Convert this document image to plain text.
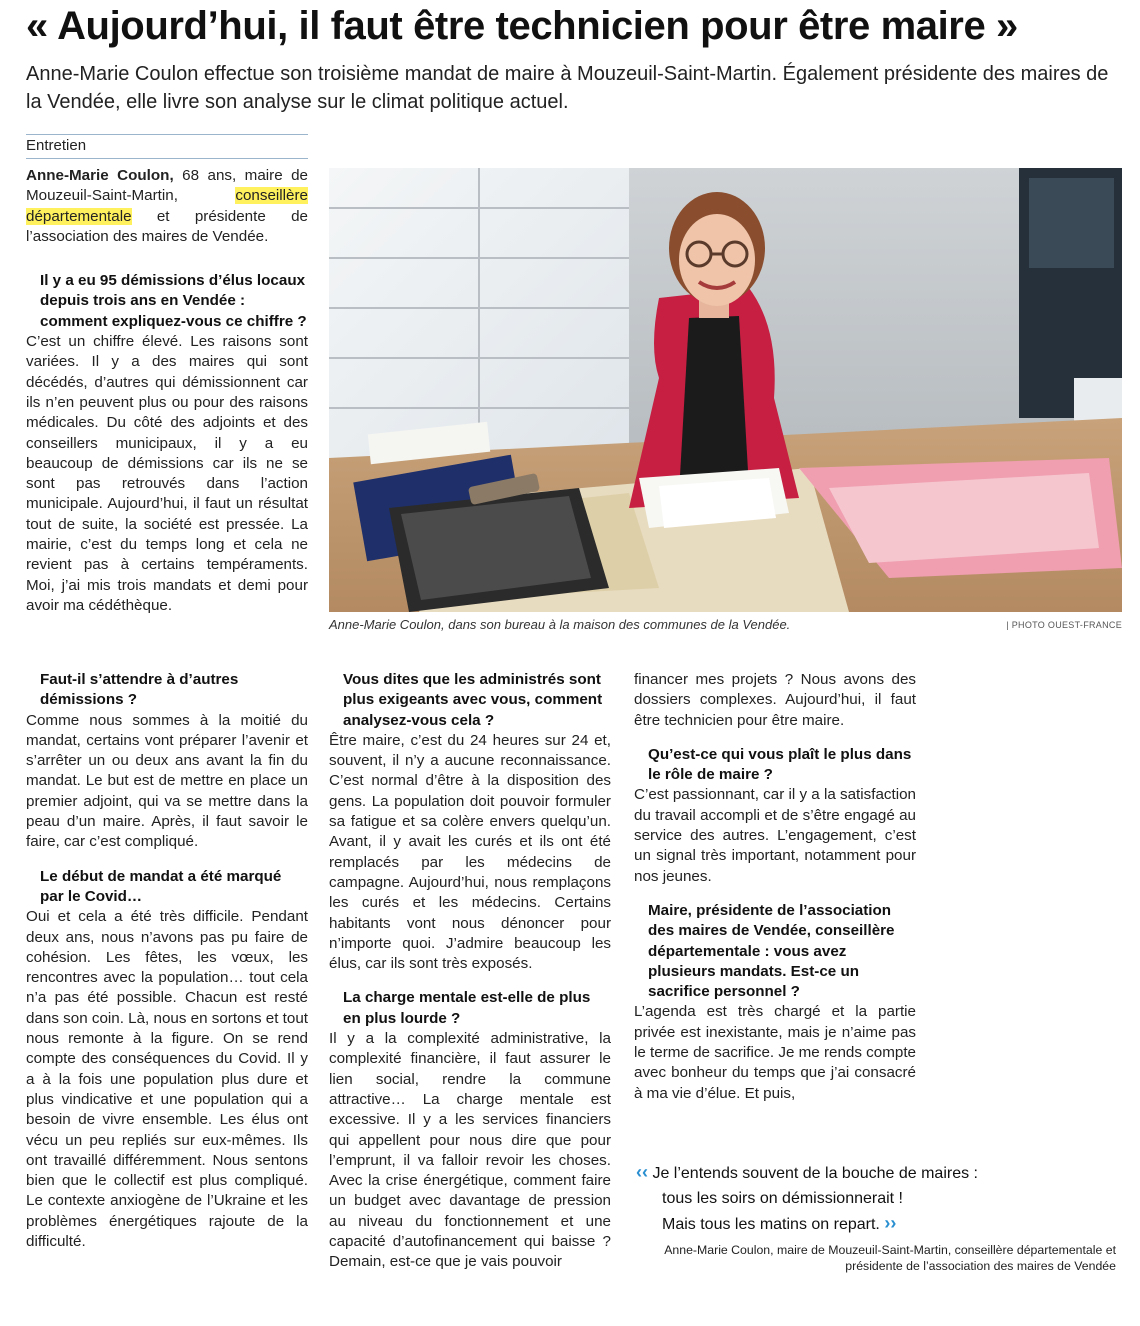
« Aujourd’hui, il faut être technicien pour être maire »

Anne-Marie Coulon effectue son troisième mandat de maire à Mouzeuil-Saint-Martin. Également présidente des maires de la Vendée, elle livre son analyse sur le climat politique actuel.

Entretien

Anne-Marie Coulon, 68 ans, maire de Mouzeuil-Saint-Martin, conseillère départementale et présidente de l’association des maires de Vendée.

Il y a eu 95 démissions d’élus locaux depuis trois ans en Vendée : comment expliquez-vous ce chiffre ?

C’est un chiffre élevé. Les raisons sont variées. Il y a des maires qui sont décédés, d’autres qui démissionnent car ils n’en peuvent plus ou pour des raisons médicales. Du côté des adjoints et des conseillers municipaux, il y a eu beaucoup de démissions car ils ne se sont pas retrouvés dans l’action municipale. Aujourd’hui, il faut un résultat tout de suite, la société est pressée. La mairie, c’est du temps long et cela ne revient pas à certains tempéraments. Moi, j’ai mis trois mandats et demi pour avoir ma cédéthèque.

Anne-Marie Coulon, dans son bureau à la maison des communes de la Vendée.	| PHOTO OUEST-FRANCE

Faut-il s’attendre à d’autres démissions ?

Comme nous sommes à la moitié du mandat, certains vont préparer l’avenir et s’arrêter un ou deux ans avant la fin du mandat. Le but est de mettre en place un premier adjoint, qui va se mettre dans la peau d’un maire. Après, il faut savoir le faire, car c’est compliqué.

Le début de mandat a été marqué par le Covid…

Oui et cela a été très difficile. Pendant deux ans, nous n’avons pas pu faire de cohésion. Les fêtes, les vœux, les rencontres avec la population… tout cela n’a pas été possible. Chacun est resté dans son coin. Là, nous en sortons et tout nous remonte à la figure. On se rend compte des conséquences du Covid. Il y a à la fois une population plus dure et plus vindicative et une population qui a besoin de vivre ensemble. Les élus ont vécu un peu repliés sur eux-mêmes. Ils ont travaillé différemment. Nous sentons bien que le collectif est plus compliqué. Le contexte anxiogène de l’Ukraine et les problèmes énergétiques rajoute de la difficulté.

Vous dites que les administrés sont plus exigeants avec vous, comment analysez-vous cela ?

Être maire, c’est du 24 heures sur 24 et, souvent, il n’y a aucune reconnaissance. C’est normal d’être à la disposition des gens. La population doit pouvoir formuler sa fatigue et sa colère envers quelqu’un. Avant, il y avait les curés et ils ont été remplacés par les médecins de campagne. Aujourd’hui, nous remplaçons les curés et les médecins. Certains habitants vont nous dénoncer pour n’importe quoi. J’admire beaucoup les élus, car ils sont très exposés.

La charge mentale est-elle de plus en plus lourde ?

Il y a la complexité administrative, la complexité financière, il faut assurer le lien social, rendre la commune attractive… La charge mentale est excessive. Il y a les services financiers qui appellent pour nous dire que pour l’emprunt, il va falloir revoir les choses. Avec la crise énergétique, comment faire un budget avec davantage de pression au niveau du fonctionnement et une capacité d’autofinancement qui baisse ? Demain, est-ce que je vais pouvoir

financer mes projets ? Nous avons des dossiers complexes. Aujourd’hui, il faut être technicien pour être maire.

Qu’est-ce qui vous plaît le plus dans le rôle de maire ?

C’est passionnant, car il y a la satisfaction du travail accompli et de s’être engagé au service des autres. L’engagement, c’est un signal très important, notamment pour nos jeunes.

Maire, présidente de l’association des maires de Vendée, conseillère départementale : vous avez plusieurs mandats. Est-ce un sacrifice personnel ?

L’agenda est très chargé et la partie privée est inexistante, mais je n’aime pas le terme de sacrifice. Je me rends compte avec bonheur du temps que j’ai consacré à ma vie d’élue. Et puis,

‹‹ Je l’entends souvent de la bouche de maires :
tous les soirs on démissionnerait !
Mais tous les matins on repart. ››

Anne-Marie Coulon, maire de Mouzeuil-Saint-Martin, conseillère départementale et présidente de l’association des maires de Vendée
